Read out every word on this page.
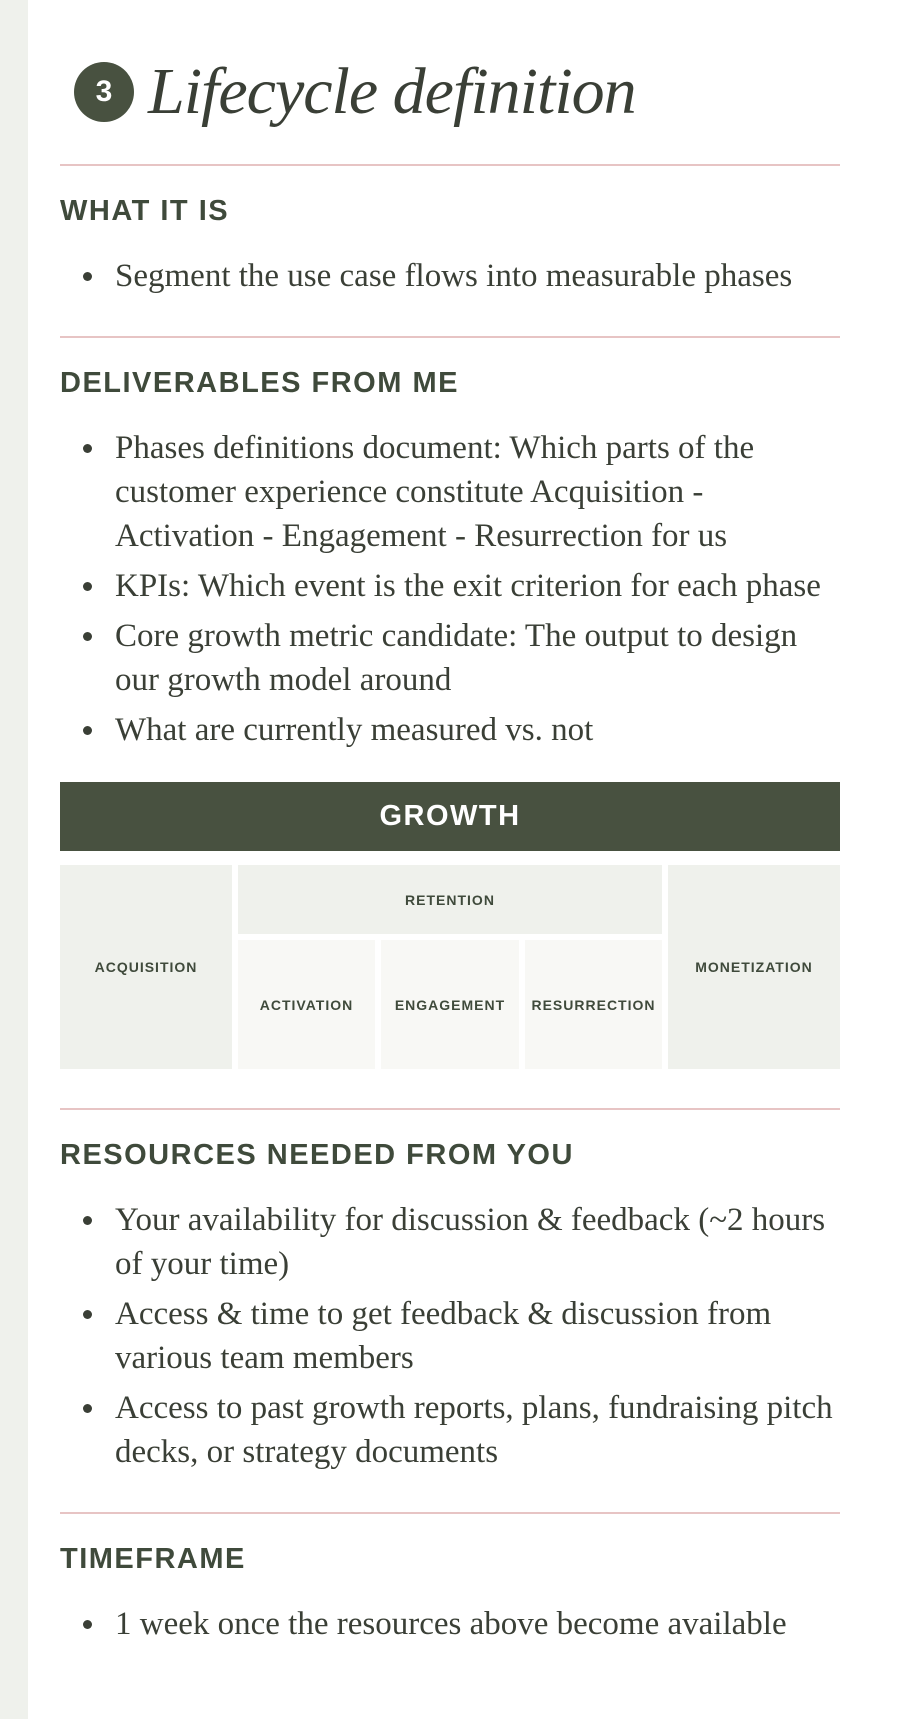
3 Lifecycle definition
WHAT IT IS
Segment the use case flows into measurable phases
DELIVERABLES FROM ME
Phases definitions document: Which parts of the customer experience constitute Acquisition - Activation - Engagement - Resurrection for us
KPIs: Which event is the exit criterion for each phase
Core growth metric candidate: The output to design our growth model around
What are currently measured vs. not
GROWTH
ACQUISITION
RETENTION
ACTIVATION	ENGAGEMENT	RESURRECTION
MONETIZATION
RESOURCES NEEDED FROM YOU
Your availability for discussion & feedback (~2 hours of your time)
Access & time to get feedback & discussion from various team members
Access to past growth reports, plans, fundraising pitch decks, or strategy documents
TIMEFRAME
1 week once the resources above become available
